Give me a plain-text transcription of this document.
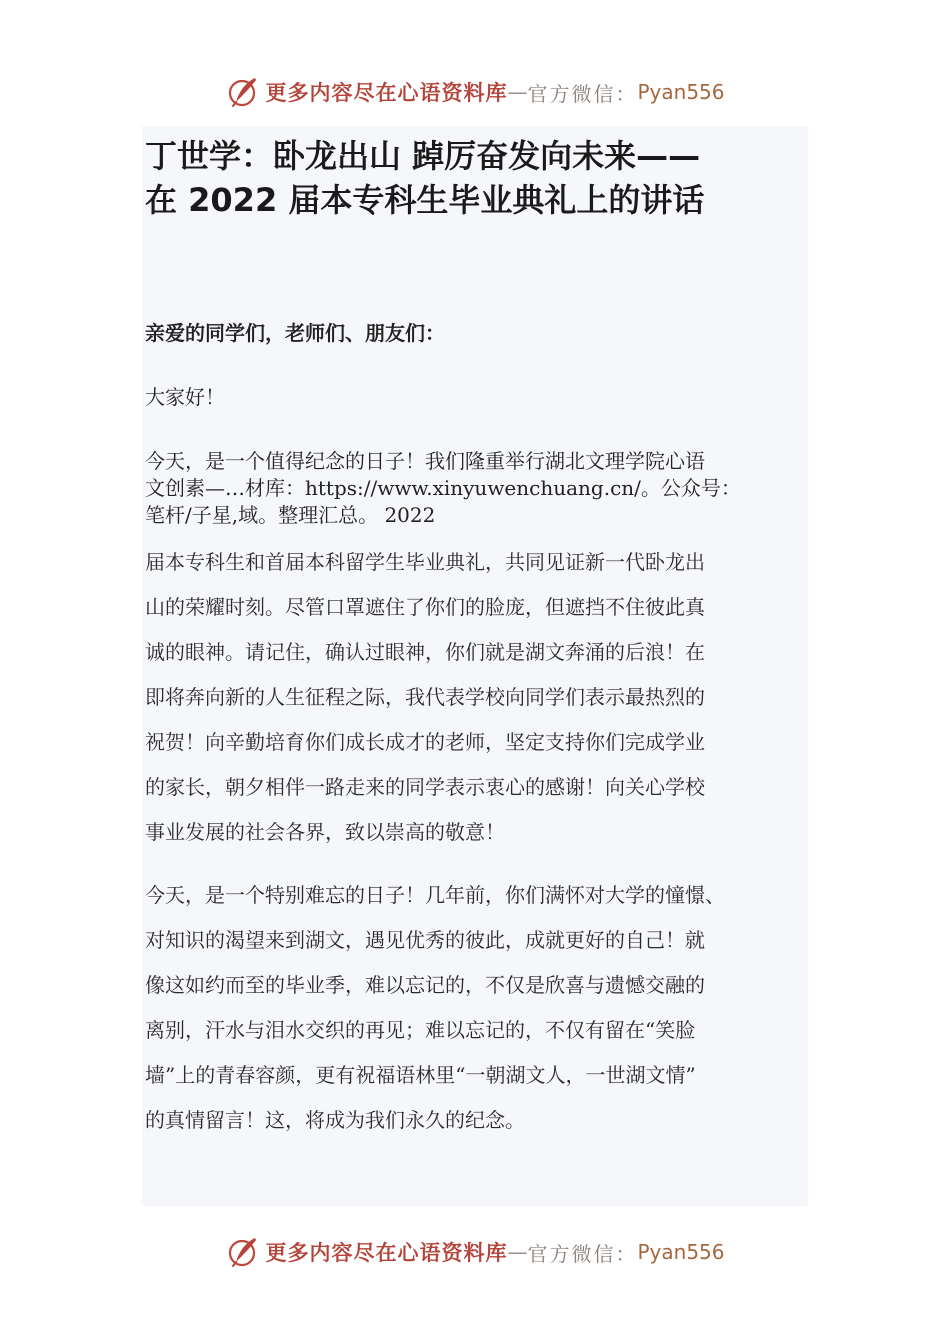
更多内容尽在心语资料库 — 官方微信： Pyan556
丁世学：卧龙出山 踔厉奋发向未来——
在 2022 届本专科生毕业典礼上的讲话

亲爱的同学们，老师们、朋友们：

大家好！

今天，是一个值得纪念的日子！我们隆重举行湖北文理学院心语
文创素—…材库：https://www.xinyuwenchuang.cn/。公众号：
笔杆/子星,域。整理汇总。 2022
届本专科生和首届本科留学生毕业典礼，共同见证新一代卧龙出
山的荣耀时刻。尽管口罩遮住了你们的脸庞，但遮挡不住彼此真
诚的眼神。请记住，确认过眼神，你们就是湖文奔涌的后浪！在
即将奔向新的人生征程之际，我代表学校向同学们表示最热烈的
祝贺！向辛勤培育你们成长成才的老师，坚定支持你们完成学业
的家长，朝夕相伴一路走来的同学表示衷心的感谢！向关心学校
事业发展的社会各界，致以崇高的敬意！
今天，是一个特别难忘的日子！几年前，你们满怀对大学的憧憬、
对知识的渴望来到湖文，遇见优秀的彼此，成就更好的自己！就
像这如约而至的毕业季，难以忘记的，不仅是欣喜与遗憾交融的
离别，汗水与泪水交织的再见；难以忘记的，不仅有留在“笑脸
墙”上的青春容颜，更有祝福语林里“一朝湖文人，一世湖文情”
的真情留言！这，将成为我们永久的纪念。
更多内容尽在心语资料库 — 官方微信： Pyan556
